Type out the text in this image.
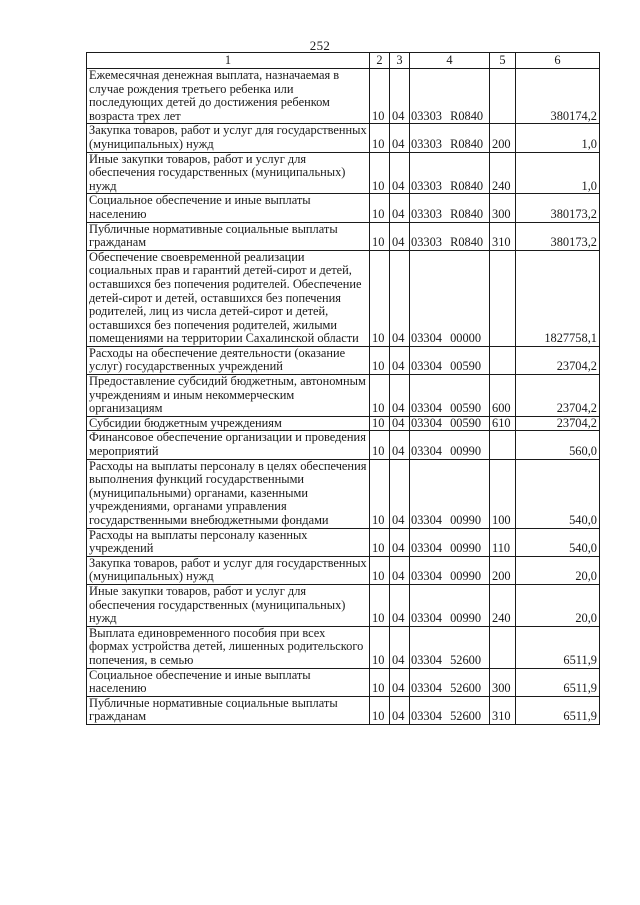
252
1	2	3	4	5	6
Ежемесячная денежная выплата, назначаемая в случае рождения третьего ребенка или последующих детей до достижения ребенком возраста трех лет	10	04	03303 R0840		380174,2
Закупка товаров, работ и услуг для государственных (муниципальных) нужд	10	04	03303 R0840	200	1,0
Иные закупки товаров, работ и услуг для обеспечения государственных (муниципальных) нужд	10	04	03303 R0840	240	1,0
Социальное обеспечение и иные выплаты населению	10	04	03303 R0840	300	380173,2
Публичные нормативные социальные выплаты гражданам	10	04	03303 R0840	310	380173,2
Обеспечение своевременной реализации социальных прав и гарантий детей-сирот и детей, оставшихся без попечения родителей. Обеспечение детей-сирот и детей, оставшихся без попечения родителей, лиц из числа детей-сирот и детей, оставшихся без попечения родителей, жилыми помещениями на территории Сахалинской области	10	04	03304 00000		1827758,1
Расходы на обеспечение деятельности (оказание услуг) государственных учреждений	10	04	03304 00590		23704,2
Предоставление субсидий бюджетным, автономным учреждениям и иным некоммерческим организациям	10	04	03304 00590	600	23704,2
Субсидии бюджетным учреждениям	10	04	03304 00590	610	23704,2
Финансовое обеспечение организации и проведения мероприятий	10	04	03304 00990		560,0
Расходы на выплаты персоналу в целях обеспечения выполнения функций государственными (муниципальными) органами, казенными учреждениями, органами управления государственными внебюджетными фондами	10	04	03304 00990	100	540,0
Расходы на выплаты персоналу казенных учреждений	10	04	03304 00990	110	540,0
Закупка товаров, работ и услуг для государственных (муниципальных) нужд	10	04	03304 00990	200	20,0
Иные закупки товаров, работ и услуг для обеспечения государственных (муниципальных) нужд	10	04	03304 00990	240	20,0
Выплата единовременного пособия при всех формах устройства детей, лишенных родительского попечения, в семью	10	04	03304 52600		6511,9
Социальное обеспечение и иные выплаты населению	10	04	03304 52600	300	6511,9
Публичные нормативные социальные выплаты гражданам	10	04	03304 52600	310	6511,9
